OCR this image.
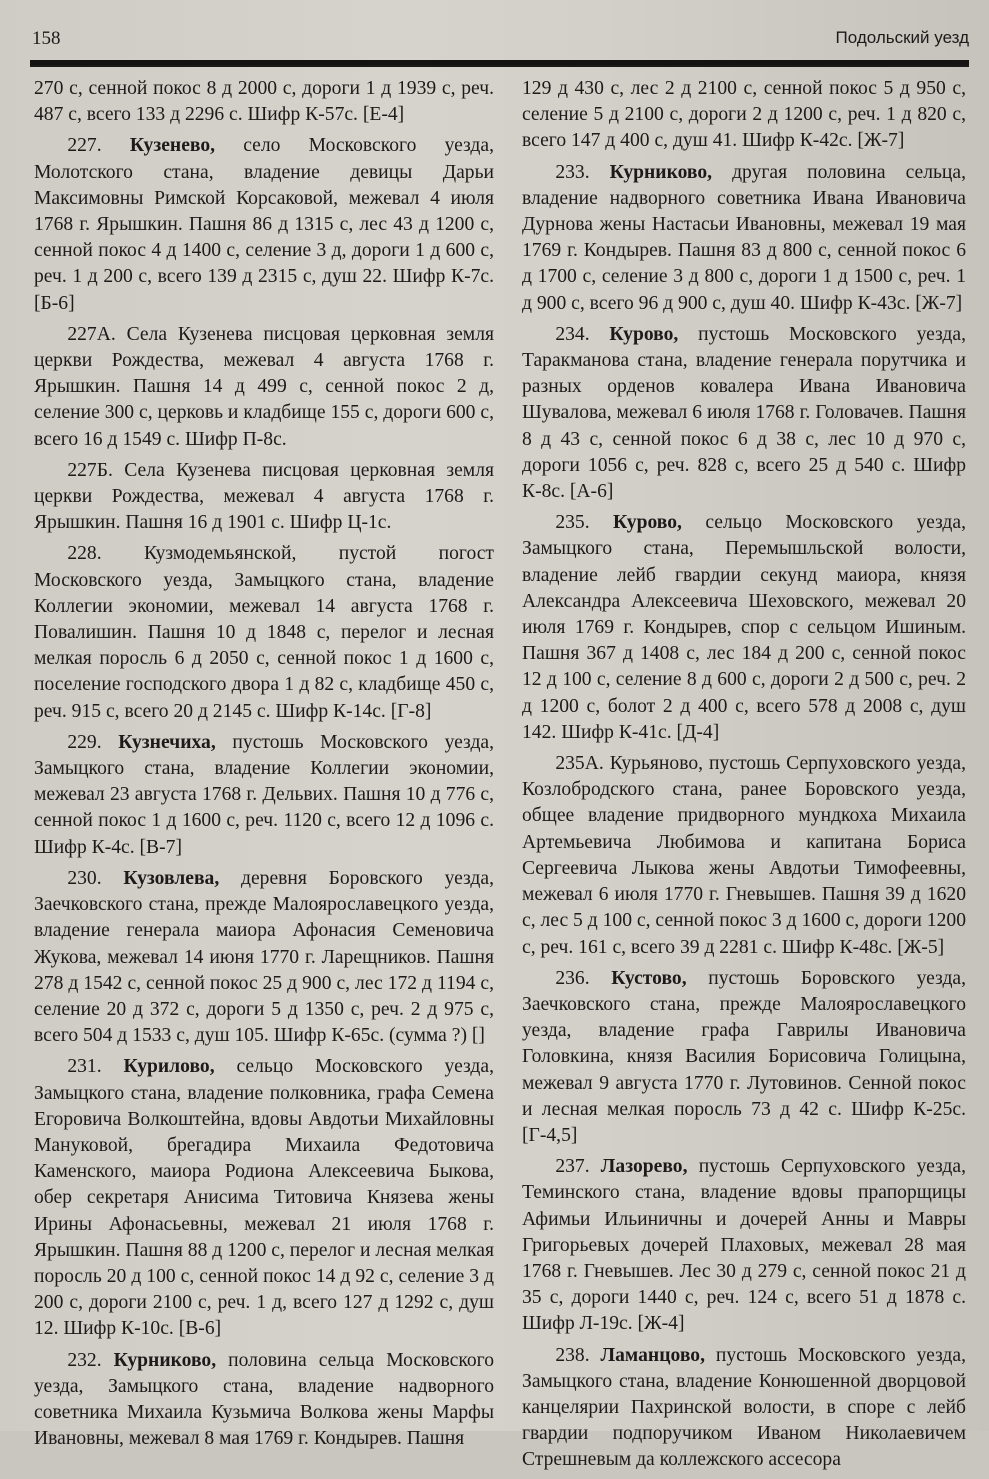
158	Подольский уезд

270 с, сенной покос 8 д 2000 с, дороги 1 д 1939 с, реч. 487 с, всего 133 д 2296 с. Шифр К-57с. [Е-4]

227. Кузенево, село Московского уезда, Молотского стана, владение девицы Дарьи Максимовны Римской Корсаковой, межевал 4 июля 1768 г. Ярышкин. Пашня 86 д 1315 с, лес 43 д 1200 с, сенной покос 4 д 1400 с, селение 3 д, дороги 1 д 600 с, реч. 1 д 200 с, всего 139 д 2315 с, душ 22. Шифр К-7с. [Б-6]

227А. Села Кузенева писцовая церковная земля церкви Рождества, межевал 4 августа 1768 г. Ярышкин. Пашня 14 д 499 с, сенной покос 2 д, селение 300 с, церковь и кладбище 155 с, дороги 600 с, всего 16 д 1549 с. Шифр П-8с.

227Б. Села Кузенева писцовая церковная земля церкви Рождества, межевал 4 августа 1768 г. Ярышкин. Пашня 16 д 1901 с. Шифр Ц-1с.

228. Кузмодемьянской, пустой погост Московского уезда, Замыцкого стана, владение Коллегии экономии, межевал 14 августа 1768 г. Повалишин. Пашня 10 д 1848 с, перелог и лесная мелкая поросль 6 д 2050 с, сенной покос 1 д 1600 с, поселение господского двора 1 д 82 с, кладбище 450 с, реч. 915 с, всего 20 д 2145 с. Шифр К-14с. [Г-8]

229. Кузнечиха, пустошь Московского уезда, Замыцкого стана, владение Коллегии экономии, межевал 23 августа 1768 г. Дельвих. Пашня 10 д 776 с, сенной покос 1 д 1600 с, реч. 1120 с, всего 12 д 1096 с. Шифр К-4с. [В-7]

230. Кузовлева, деревня Боровского уезда, Заечковского стана, прежде Малоярославецкого уезда, владение генерала маиора Афонасия Семеновича Жукова, межевал 14 июня 1770 г. Ларещников. Пашня 278 д 1542 с, сенной покос 25 д 900 с, лес 172 д 1194 с, селение 20 д 372 с, дороги 5 д 1350 с, реч. 2 д 975 с, всего 504 д 1533 с, душ 105. Шифр К-65с. (сумма ?) []

231. Курилово, сельцо Московского уезда, Замыцкого стана, владение полковника, графа Семена Егоровича Волкоштейна, вдовы Авдотьи Михайловны Мануковой, брегадира Михаила Федотовича Каменского, маиора Родиона Алексеевича Быкова, обер секретаря Анисима Титовича Князева жены Ирины Афонасьевны, межевал 21 июля 1768 г. Ярышкин. Пашня 88 д 1200 с, перелог и лесная мелкая поросль 20 д 100 с, сенной покос 14 д 92 с, селение 3 д 200 с, дороги 2100 с, реч. 1 д, всего 127 д 1292 с, душ 12. Шифр К-10с. [В-6]

232. Курниково, половина сельца Московского уезда, Замыцкого стана, владение надворного советника Михаила Кузьмича Волкова жены Марфы Ивановны, межевал 8 мая 1769 г. Кондырев. Пашня

129 д 430 с, лес 2 д 2100 с, сенной покос 5 д 950 с, селение 5 д 2100 с, дороги 2 д 1200 с, реч. 1 д 820 с, всего 147 д 400 с, душ 41. Шифр К-42с. [Ж-7]

233. Курниково, другая половина сельца, владение надворного советника Ивана Ивановича Дурнова жены Настасьи Ивановны, межевал 19 мая 1769 г. Кондырев. Пашня 83 д 800 с, сенной покос 6 д 1700 с, селение 3 д 800 с, дороги 1 д 1500 с, реч. 1 д 900 с, всего 96 д 900 с, душ 40. Шифр К-43с. [Ж-7]

234. Курово, пустошь Московского уезда, Таракманова стана, владение генерала порутчика и разных орденов ковалера Ивана Ивановича Шувалова, межевал 6 июля 1768 г. Головачев. Пашня 8 д 43 с, сенной покос 6 д 38 с, лес 10 д 970 с, дороги 1056 с, реч. 828 с, всего 25 д 540 с. Шифр К-8с. [А-6]

235. Курово, сельцо Московского уезда, Замыцкого стана, Перемышльской волости, владение лейб гвардии секунд маиора, князя Александра Алексеевича Шеховского, межевал 20 июля 1769 г. Кондырев, спор с сельцом Ишиным. Пашня 367 д 1408 с, лес 184 д 200 с, сенной покос 12 д 100 с, селение 8 д 600 с, дороги 2 д 500 с, реч. 2 д 1200 с, болот 2 д 400 с, всего 578 д 2008 с, душ 142. Шифр К-41с. [Д-4]

235А. Курьяново, пустошь Серпуховского уезда, Козлобродского стана, ранее Боровского уезда, общее владение придворного мундкоха Михаила Артемьевича Любимова и капитана Бориса Сергеевича Лыкова жены Авдотьи Тимофеевны, межевал 6 июля 1770 г. Гневышев. Пашня 39 д 1620 с, лес 5 д 100 с, сенной покос 3 д 1600 с, дороги 1200 с, реч. 161 с, всего 39 д 2281 с. Шифр К-48с. [Ж-5]

236. Кустово, пустошь Боровского уезда, Заечковского стана, прежде Малоярославецкого уезда, владение графа Гаврилы Ивановича Головкина, князя Василия Борисовича Голицына, межевал 9 августа 1770 г. Лутовинов. Сенной покос и лесная мелкая поросль 73 д 42 с. Шифр К-25с. [Г-4,5]

237. Лазорево, пустошь Серпуховского уезда, Теминского стана, владение вдовы прапорщицы Афимьи Ильиничны и дочерей Анны и Мавры Григорьевых дочерей Плаховых, межевал 28 мая 1768 г. Гневышев. Лес 30 д 279 с, сенной покос 21 д 35 с, дороги 1440 с, реч. 124 с, всего 51 д 1878 с. Шифр Л-19с. [Ж-4]

238. Ламанцово, пустошь Московского уезда, Замыцкого стана, владение Конюшенной дворцовой канцелярии Пахринской волости, в споре с лейб гвардии подпоручиком Иваном Николаевичем Стрешневым да коллежского ассесора
